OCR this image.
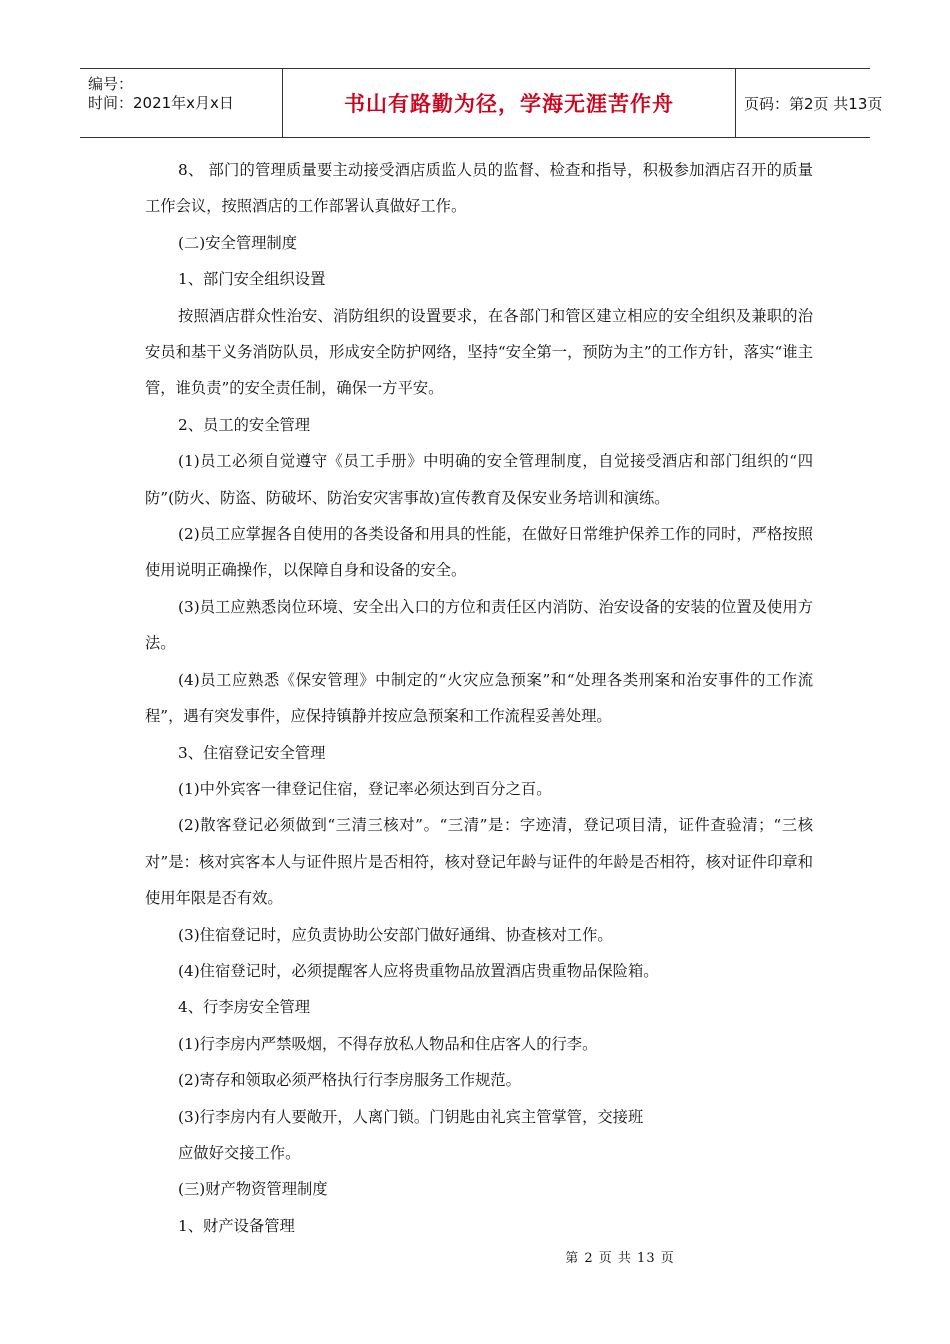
编号：
时间：2021年x月x日	书山有路勤为径，学海无涯苦作舟	页码：第2页 共13页
8、 部门的管理质量要主动接受酒店质监人员的监督、检查和指导，积极参加酒店召开的质量工作会议，按照酒店的工作部署认真做好工作。
(二)安全管理制度
1、部门安全组织设置
按照酒店群众性治安、消防组织的设置要求，在各部门和管区建立相应的安全组织及兼职的治安员和基干义务消防队员，形成安全防护网络，坚持“安全第一，预防为主”的工作方针，落实“谁主管，谁负责”的安全责任制，确保一方平安。
2、员工的安全管理
(1)员工必须自觉遵守《员工手册》中明确的安全管理制度，自觉接受酒店和部门组织的“四防”(防火、防盗、防破坏、防治安灾害事故)宣传教育及保安业务培训和演练。
(2)员工应掌握各自使用的各类设备和用具的性能，在做好日常维护保养工作的同时，严格按照使用说明正确操作，以保障自身和设备的安全。
(3)员工应熟悉岗位环境、安全出入口的方位和责任区内消防、治安设备的安装的位置及使用方法。
(4)员工应熟悉《保安管理》中制定的“火灾应急预案”和“处理各类刑案和治安事件的工作流程”，遇有突发事件，应保持镇静并按应急预案和工作流程妥善处理。
3、住宿登记安全管理
(1)中外宾客一律登记住宿，登记率必须达到百分之百。
(2)散客登记必须做到“三清三核对”。“三清”是：字迹清，登记项目清，证件查验清；“三核对”是：核对宾客本人与证件照片是否相符，核对登记年龄与证件的年龄是否相符，核对证件印章和使用年限是否有效。
(3)住宿登记时，应负责协助公安部门做好通缉、协查核对工作。
(4)住宿登记时，必须提醒客人应将贵重物品放置酒店贵重物品保险箱。
4、行李房安全管理
(1)行李房内严禁吸烟，不得存放私人物品和住店客人的行李。
(2)寄存和领取必须严格执行行李房服务工作规范。
(3)行李房内有人要敞开，人离门锁。门钥匙由礼宾主管掌管，交接班
应做好交接工作。
(三)财产物资管理制度
1、财产设备管理
第 2 页 共 13 页
